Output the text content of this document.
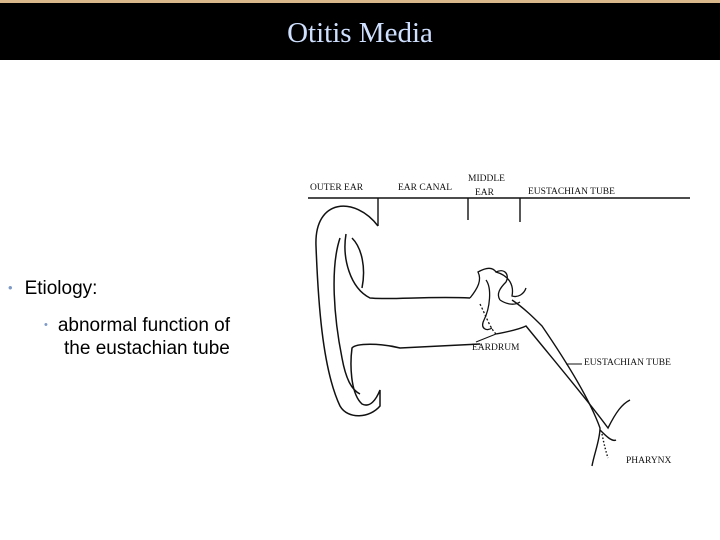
Otitis Media
• Etiology:
• abnormal function of
the eustachian tube
OUTER EAR	EAR CANAL
MIDDLE
EAR	EUSTACHIAN TUBE
EARDRUM
EUSTACHIAN TUBE
PHARYNX
